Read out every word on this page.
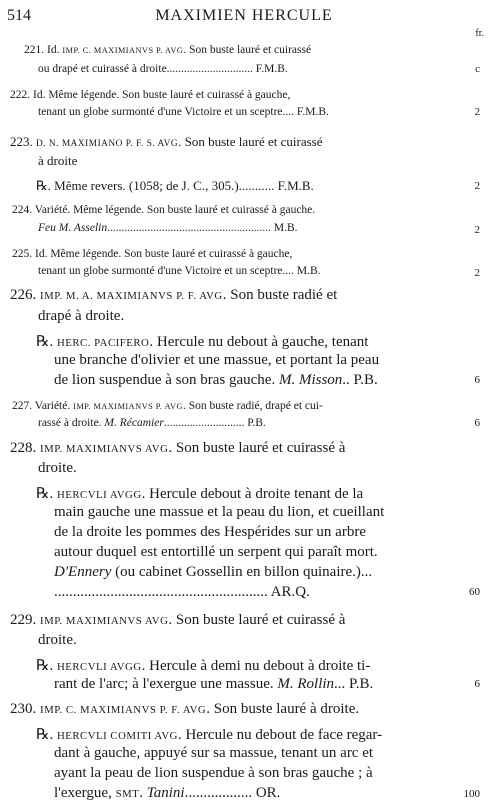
514	MAXIMIEN HERCULE
fr.
221. Id. IMP. C. MAXIMIANVS P. AVG. Son buste lauré et cuirassé
ou drapé et cuirassé à droite.............................. F.M.B.	c
222. Id. Même légende. Son buste lauré et cuirassé à gauche,
tenant un globe surmonté d'une Victoire et un sceptre.... F.M.B.	2
223. D. N. MAXIMIANO P. F. S. AVG. Son buste lauré et cuirassé
à droite
℞. Même revers. (1058; de J. C., 305.)........... F.M.B.	2
224. Variété. Même légende. Son buste lauré et cuirassé à gauche.
Feu M. Asselin......................................................... M.B.	2
225. Id. Même légende. Son buste lauré et cuirassé à gauche,
tenant un globe surmonté d'une Victoire et un sceptre.... M.B.	2
226. IMP. M. A. MAXIMIANVS P. F. AVG. Son buste radié et
drapé à droite.
℞. HERC. PACIFERO. Hercule nu debout à gauche, tenant
une branche d'olivier et une massue, et portant la peau
de lion suspendue à son bras gauche. M. Misson.. P.B.	6
227. Variété. IMP. MAXIMIANVS P. AVG. Son buste radié, drapé et cui-
rassé à droite. M. Récamier............................ P.B.	6
228. IMP. MAXIMIANVS AVG. Son buste lauré et cuirassé à
droite.
℞. HERCVLI AVGG. Hercule debout à droite tenant de la
main gauche une massue et la peau du lion, et cueillant
de la droite les pommes des Hespérides sur un arbre
autour duquel est entortillé un serpent qui paraît mort.
D'Ennery (ou cabinet Gossellin en billon quinaire.)...
......................................................... AR.Q.	60
229. IMP. MAXIMIANVS AVG. Son buste lauré et cuirassé à
droite.
℞. HERCVLI AVGG. Hercule à demi nu debout à droite ti-
rant de l'arc; à l'exergue une massue. M. Rollin... P.B.	6
230. IMP. C. MAXIMIANVS P. F. AVG. Son buste lauré à droite.
℞. HERCVLI COMITI AVG. Hercule nu debout de face regar-
dant à gauche, appuyé sur sa massue, tenant un arc et
ayant la peau de lion suspendue à son bras gauche ; à
l'exergue, SMT. Tanini.................. OR.	100
